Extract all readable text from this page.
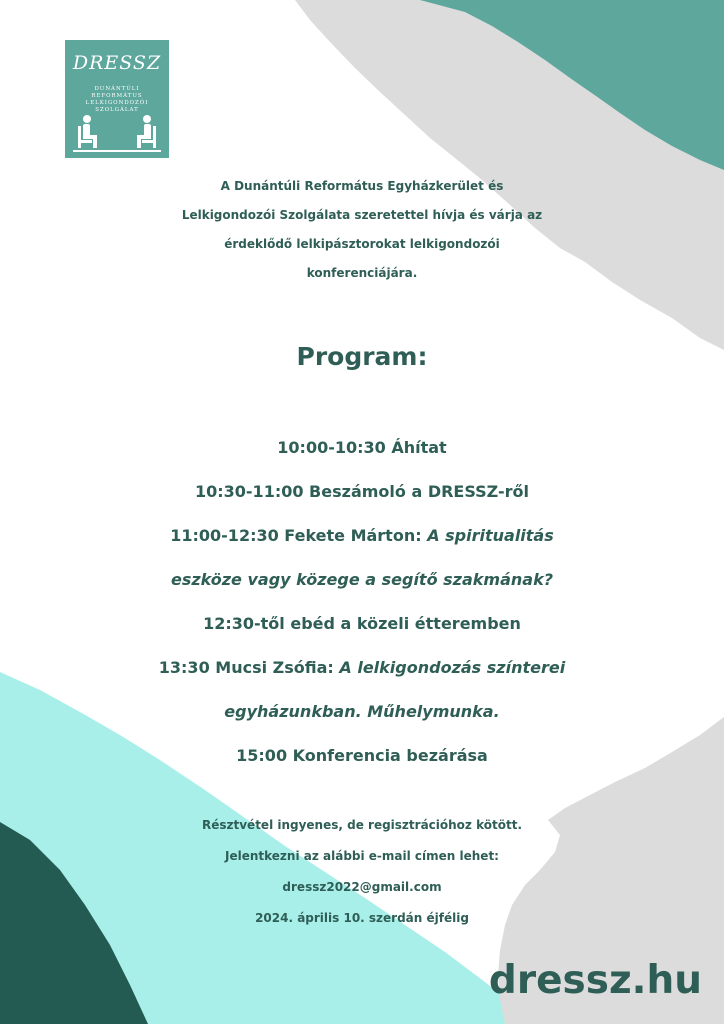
DRESSZ
DUNÁNTÚLI
REFORMÁTUS
LELKIGONDOZÓI
SZOLGÁLAT
A Dunántúli Református Egyházkerület és
Lelkigondozói Szolgálata szeretettel hívja és várja az
érdeklődő lelkipásztorokat lelkigondozói
konferenciájára.
Program:
10:00-10:30 Áhítat
10:30-11:00 Beszámoló a DRESSZ-ről
11:00-12:30 Fekete Márton: A spiritualitás
eszköze vagy közege a segítő szakmának?
12:30-től ebéd a közeli étteremben
13:30 Mucsi Zsófia: A lelkigondozás színterei
egyházunkban. Műhelymunka.
15:00 Konferencia bezárása
Résztvétel ingyenes, de regisztrációhoz kötött.
Jelentkezni az alábbi e-mail címen lehet:
dressz2022@gmail.com
2024. április 10. szerdán éjfélig
dressz.hu
